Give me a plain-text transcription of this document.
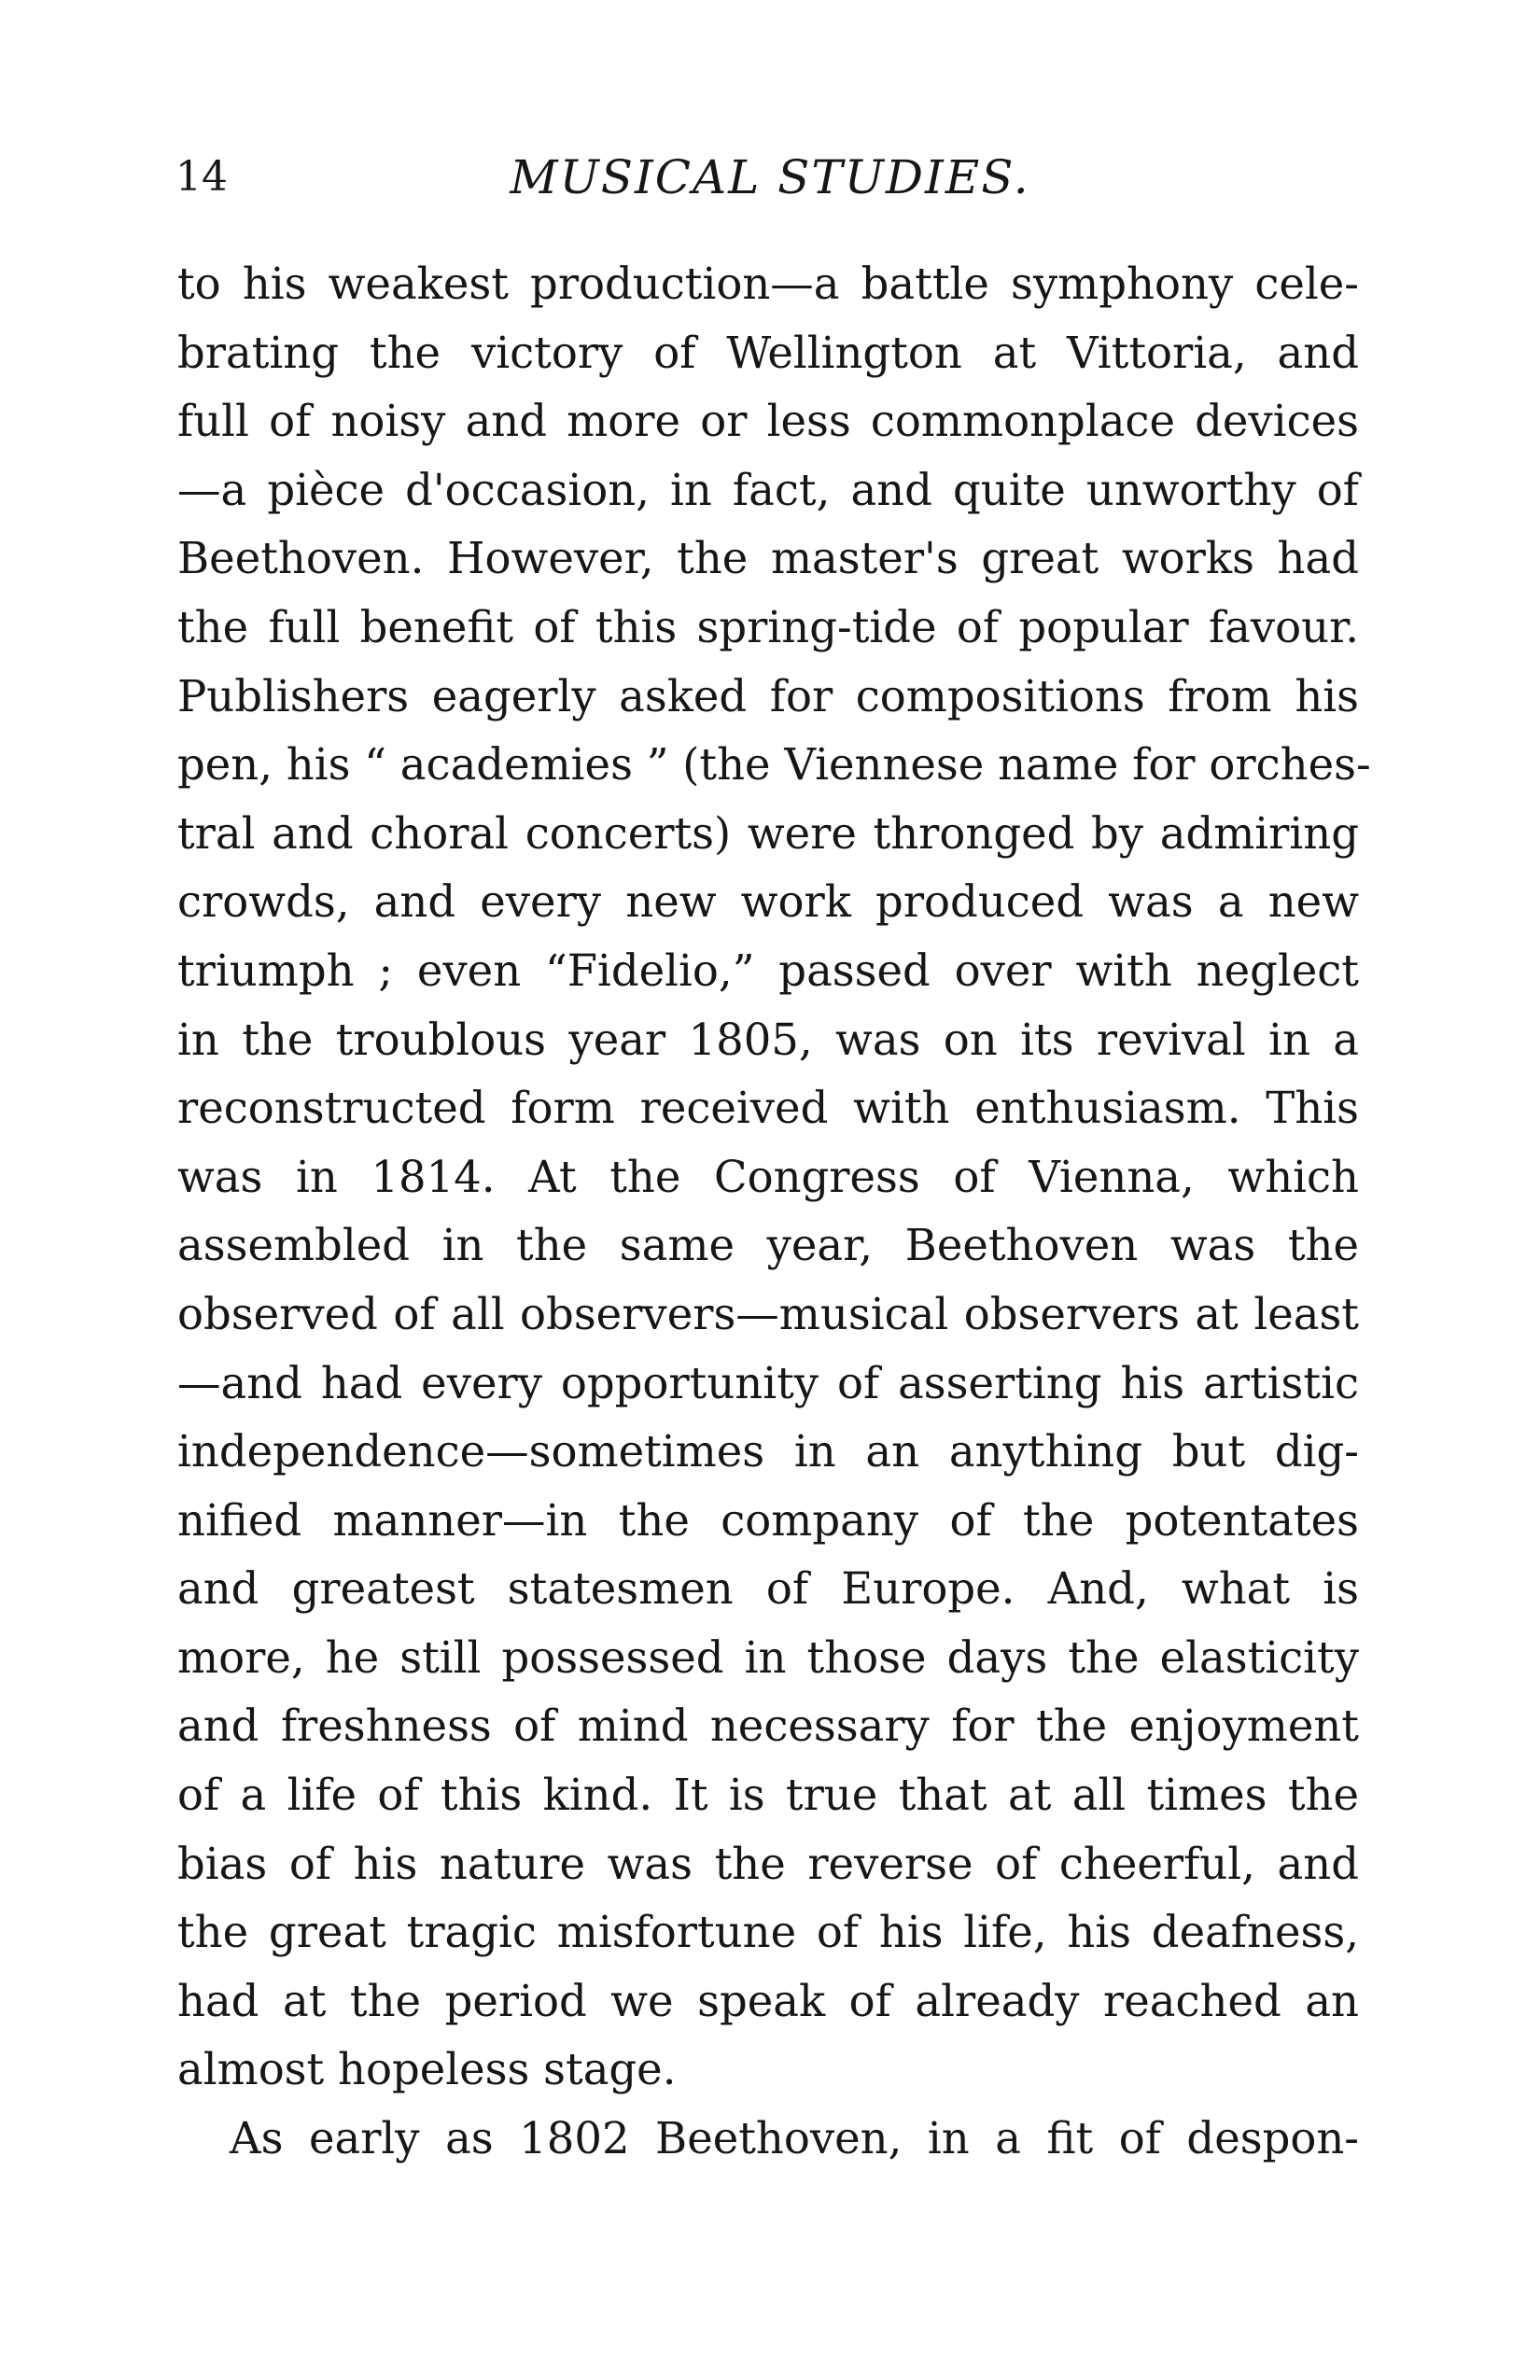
14	MUSICAL STUDIES.
to his weakest production—a battle symphony cele-
brating the victory of Wellington at Vittoria, and
full of noisy and more or less commonplace devices
—a pièce d'occasion, in fact, and quite unworthy of
Beethoven. However, the master's great works had
the full benefit of this spring-tide of popular favour.
Publishers eagerly asked for compositions from his
pen, his “ academies ” (the Viennese name for orches-
tral and choral concerts) were thronged by admiring
crowds, and every new work produced was a new
triumph ; even “Fidelio,” passed over with neglect
in the troublous year 1805, was on its revival in a
reconstructed form received with enthusiasm. This
was in 1814. At the Congress of Vienna, which
assembled in the same year, Beethoven was the
observed of all observers—musical observers at least
—and had every opportunity of asserting his artistic
independence—sometimes in an anything but dig-
nified manner—in the company of the potentates
and greatest statesmen of Europe. And, what is
more, he still possessed in those days the elasticity
and freshness of mind necessary for the enjoyment
of a life of this kind. It is true that at all times the
bias of his nature was the reverse of cheerful, and
the great tragic misfortune of his life, his deafness,
had at the period we speak of already reached an
almost hopeless stage.
As early as 1802 Beethoven, in a fit of despon-
